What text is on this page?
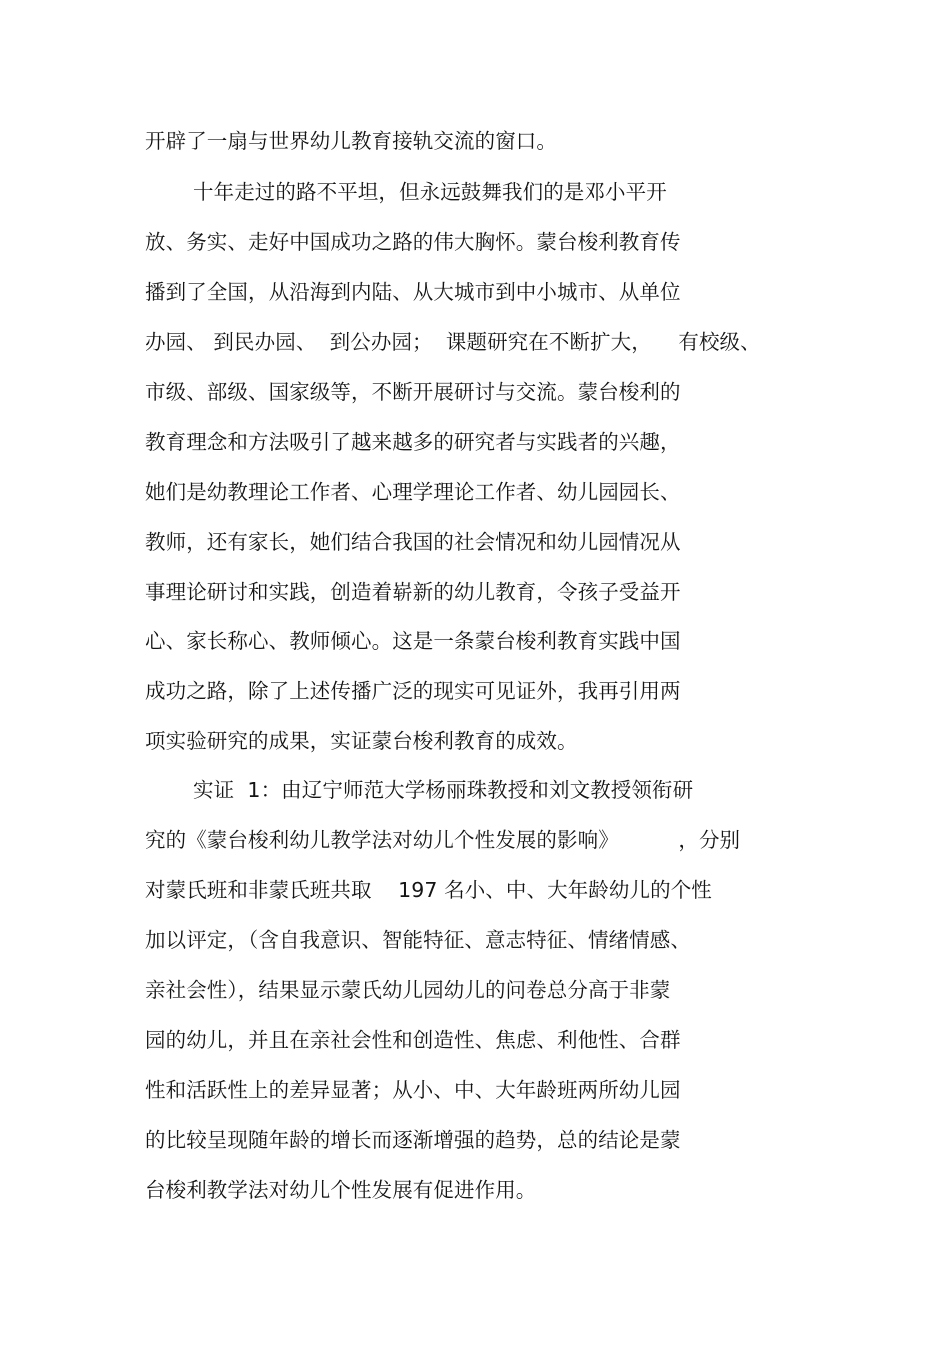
开辟了一扇与世界幼儿教育接轨交流的窗口。
十年走过的路不平坦，但永远鼓舞我们的是邓小平开
放、务实、走好中国成功之路的伟大胸怀。蒙台梭利教育传
播到了全国，从沿海到内陆、从大城市到中小城市、从单位
办园、 到民办园、  到公办园；  课题研究在不断扩大，    有校级、
市级、部级、国家级等，不断开展研讨与交流。蒙台梭利的
教育理念和方法吸引了越来越多的研究者与实践者的兴趣，
她们是幼教理论工作者、心理学理论工作者、幼儿园园长、
教师，还有家长，她们结合我国的社会情况和幼儿园情况从
事理论研讨和实践，创造着崭新的幼儿教育，令孩子受益开
心、家长称心、教师倾心。这是一条蒙台梭利教育实践中国
成功之路，除了上述传播广泛的现实可见证外，我再引用两
项实验研究的成果，实证蒙台梭利教育的成效。
实证  1：由辽宁师范大学杨丽珠教授和刘文教授领衔研
究的《蒙台梭利幼儿教学法对幼儿个性发展的影响》         ，分别
对蒙氏班和非蒙氏班共取    197 名小、中、大年龄幼儿的个性
加以评定，（含自我意识、智能特征、意志特征、情绪情感、
亲社会性），结果显示蒙氏幼儿园幼儿的问卷总分高于非蒙
园的幼儿，并且在亲社会性和创造性、焦虑、利他性、合群
性和活跃性上的差异显著；从小、中、大年龄班两所幼儿园
的比较呈现随年龄的增长而逐渐增强的趋势，总的结论是蒙
台梭利教学法对幼儿个性发展有促进作用。
